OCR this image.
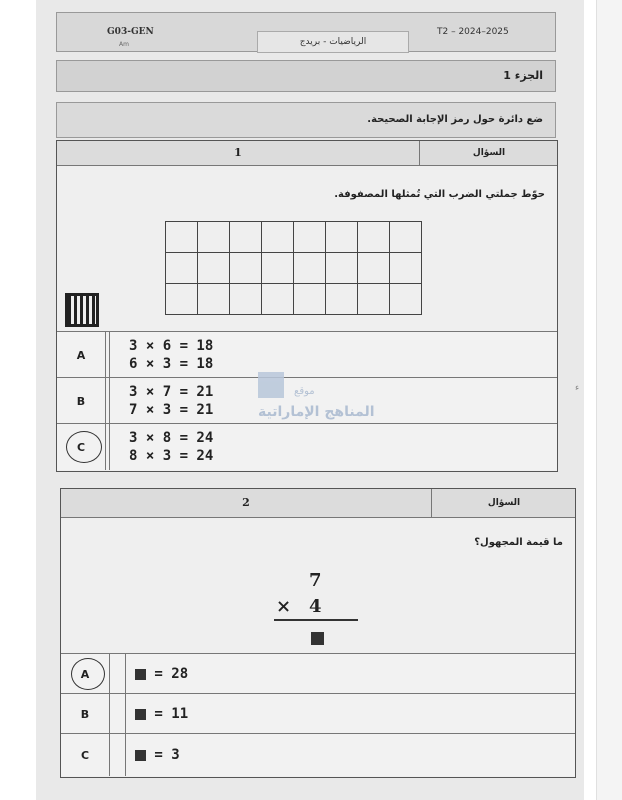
ء
G03-GEN
Am	الرياضيات - بريدج
T2 – 2024–2025
الجزء 1
ضع دائرة حول رمز الإجابة الصحيحة.
1	السؤال
حوّط جملتي الضرب التي تُمثلها المصفوفة.

A
3 × 6 = 18
6 × 3 = 18
B
3 × 7 = 21
7 × 3 = 21
C
3 × 8 = 24
8 × 3 = 24
موقع
المناهج الإماراتية
2	السؤال
ما قيمة المجهول؟
A	= 28
B	= 11
C	= 3
7
× 4
